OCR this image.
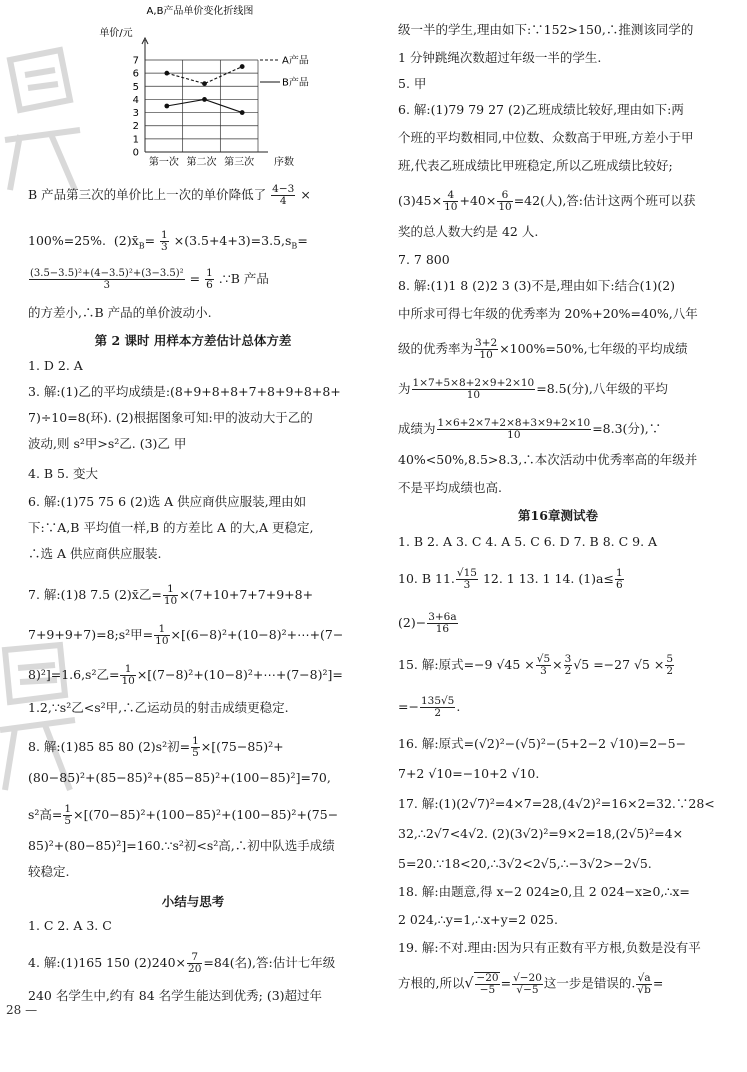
A,B产品单价变化折线图
单价/元
序数
0
1
2
3
4
5
6
7
第一次 第二次 第三次
A产品
B产品
B 产品第三次的单价比上一次的单价降低了 $\frac{4-3}{4}$ ×
100%=25%. $(2)x̄_B= \frac{1}{3} \times(3.5+4+3)=3.5,s_B=$
$\frac{\text{(3.5−3.5)²+(4−3.5)²+(3−3.5)²}}{3} = \frac{1}{6}$ .∵B 产品
的方差小,∴B 产品的单价波动小.
第 2 课时 用样本方差估计总体方差
1. D 2. A
3. 解:(1)乙的平均成绩是:(8+9+8+8+7+8+9+8+8+
7)÷10=8(环). (2)根据图象可知:甲的波动大于乙的
波动,则 s²甲>s²乙. (3)乙 甲
4. B 5. 变大
6. 解:(1)75 75 6 (2)选 A 供应商供应服装,理由如
下:∵A,B 平均值一样,B 的方差比 A 的大,A 更稳定,
∴选 A 供应商供应服装.
7. 解:(1)8 7.5 (2)x̄乙= $\frac{1}{10} \times(7+10+7+7+9+8+$
7+9+9+7)=8;s²甲= $\frac{1}{10}$ ×[(6−8)²+(10−8)²+⋯+(7−
8)²]=1.6,s²乙= $\frac{1}{10}$ ×[(7−8)²+(10−8)²+⋯+(7−8)²]=
1.2,∵s²乙<s²甲,∴乙运动员的射击成绩更稳定.
8. 解:(1)85 85 80 (2)s²初= $\frac{1}{5} \times[(75-85)^2+$
(80−85)²+(85−85)²+(85−85)²+(100−85)²]=70,
s²高= $\frac{1}{5} \times[(70-85)^2+(100-85)^2+(100-85)^2+(75-$
85)²+(80−85)²]=160.∵s²初<s²高,∴初中队选手成绩
较稳定.
小结与思考
1. C 2. A 3. C
4. 解:(1)165 150 $(2)240\times \frac{7}{20} =84$(名),答:估计七年级
240 名学生中,约有 84 名学生能达到优秀; (3)超过年
级一半的学生,理由如下:∵152>150,∴推测该同学的
1 分钟跳绳次数超过年级一半的学生.
5. 甲
6. 解:(1)79 79 27 (2)乙班成绩比较好,理由如下:两
个班的平均数相同,中位数、众数高于甲班,方差小于甲
班,代表乙班成绩比甲班稳定,所以乙班成绩比较好;
$(3)45\times \frac{4}{10} +40\times \frac{6}{10} =42$(人),答:估计这两个班可以获
奖的总人数大约是 42 人.
7. 7 800
8. 解:(1)1 8 (2)2 3 (3)不是,理由如下:结合(1)(2)
中所求可得七年级的优秀率为 20%+20%=40%,八年
级的优秀率为 $\frac{3+2}{10} \times 100\%=50\%$,七年级的平均成绩
为 $\frac{1\times 7+5\times 8+2\times 9+2\times 10}{10} =8.5$(分),八年级的平均
成绩为 $\frac{1\times 6+2\times 7+2\times 8+3\times 9+2\times 10}{10} =8.3$(分),∵
40%<50%,8.5>8.3,∴本次活动中优秀率高的年级并
不是平均成绩也高.
第16章测试卷
1. B 2. A 3. C 4. A 5. C 6. D 7. B 8. C 9. A
10. B 11. $\frac{√15}{3} 12$. 1 13. 1 14. $(1)a\le \frac{1}{6}$
$(2)- \frac{3+6a}{16}$
15. 解:原式=−9 $√45 \times \frac{√5}{3} \times \frac{3}{2} √5 =-27$ $√5 \times \frac{5}{2}$
=− $\frac{135√5}{2}$ .
16. 解:原式=(√2)²−(√5)²−(5+2−2 √10)=2−5−
7+2 √10=−10+2 √10.
17. 解:(1)(2√7)²=4×7=28,(4√2)²=16×2=32.∵28<
32,∴2√7<4√2. (2)(3√2)²=9×2=18,(2√5)²=4×
5=20.∵18<20,∴3√2<2√5,∴−3√2>−2√5.
18. 解:由题意,得 x−2 024≥0,且 2 024−x≥0,∴x=
2 024,∴y=1,∴x+y=2 025.
19. 解:不对.理由:因为只有正数有平方根,负数是没有平
方根的,所以√ $\frac{-20}{-5} = \frac{√-20}{√-5}$ 这一步是错误的. $\frac{√a}{√b}$ =
28 —
